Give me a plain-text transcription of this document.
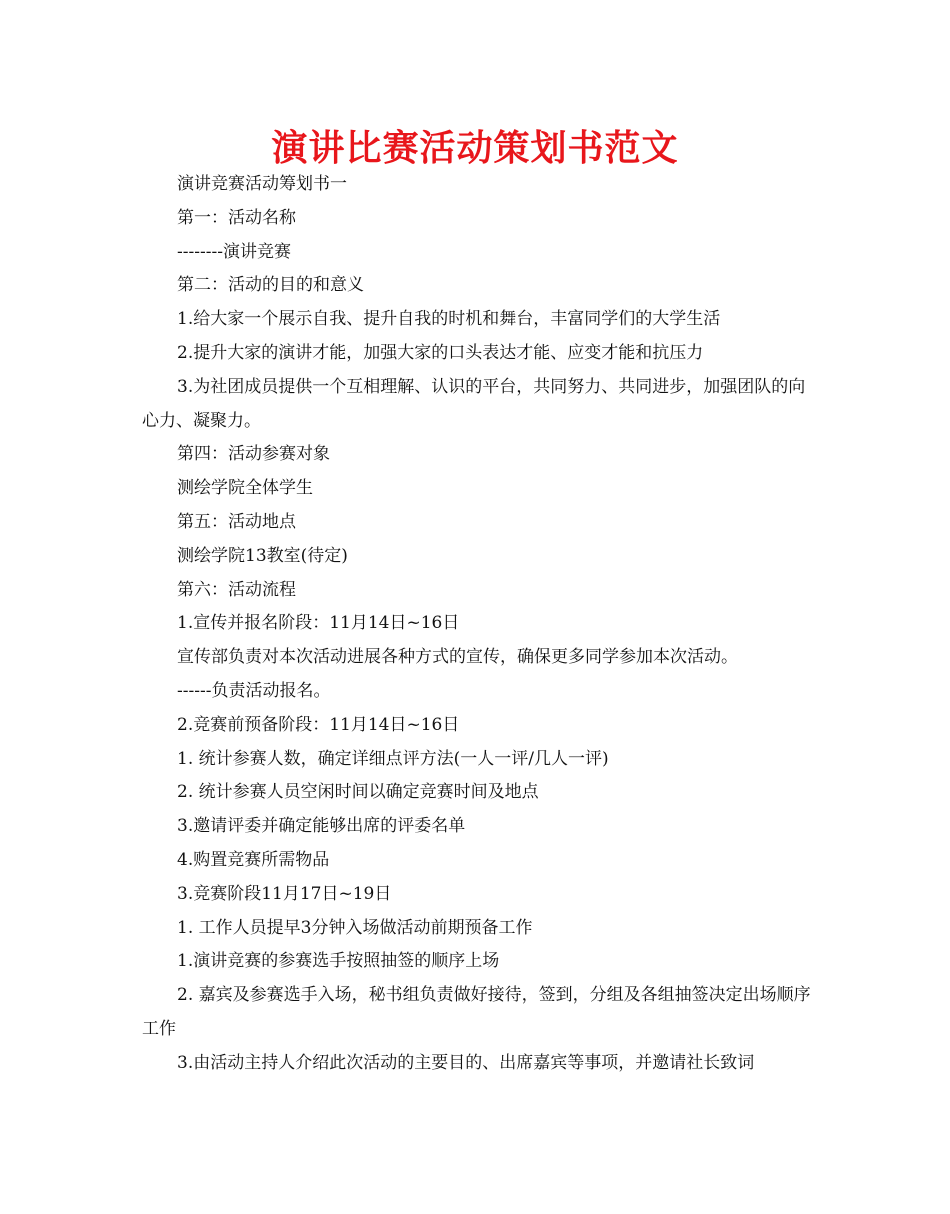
演讲比赛活动策划书范文

演讲竞赛活动筹划书一

第一：活动名称

--------演讲竞赛

第二：活动的目的和意义

1.给大家一个展示自我、提升自我的时机和舞台，丰富同学们的大学生活

2.提升大家的演讲才能，加强大家的口头表达才能、应变才能和抗压力

3.为社团成员提供一个互相理解、认识的平台，共同努力、共同进步，加强团队的向心力、凝聚力。

第四：活动参赛对象

测绘学院全体学生

第五：活动地点

测绘学院13教室(待定)

第六：活动流程

1.宣传并报名阶段：11月14日~16日

宣传部负责对本次活动进展各种方式的宣传，确保更多同学参加本次活动。

------负责活动报名。

2.竞赛前预备阶段：11月14日~16日

1. 统计参赛人数，确定详细点评方法(一人一评/几人一评)

2. 统计参赛人员空闲时间以确定竞赛时间及地点

3.邀请评委并确定能够出席的评委名单

4.购置竞赛所需物品

3.竞赛阶段11月17日~19日

1. 工作人员提早3分钟入场做活动前期预备工作

1.演讲竞赛的参赛选手按照抽签的顺序上场

2. 嘉宾及参赛选手入场，秘书组负责做好接待，签到，分组及各组抽签决定出场顺序工作

3.由活动主持人介绍此次活动的主要目的、出席嘉宾等事项，并邀请社长致词
